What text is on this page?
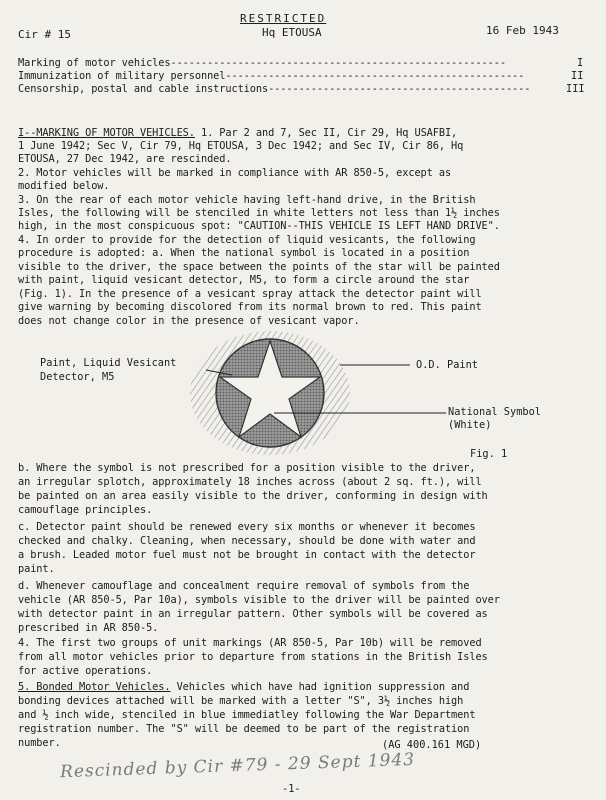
RESTRICTED
Cir # 15	Hq ETOUSA	16 Feb 1943
Marking of motor vehicles-------------------------------------------------------	I
Immunization of military personnel-------------------------------------------------	II
Censorship, postal and cable instructions-------------------------------------------	III
I--MARKING OF MOTOR VEHICLES. 1. Par 2 and 7, Sec II, Cir 29, Hq USAFBI,
1 June 1942; Sec V, Cir 79, Hq ETOUSA, 3 Dec 1942; and Sec IV, Cir 86, Hq
ETOUSA, 27 Dec 1942, are rescinded.
2. Motor vehicles will be marked in compliance with AR 850-5, except as
modified below.
3. On the rear of each motor vehicle having left-hand drive, in the British
Isles, the following will be stenciled in white letters not less than 1½ inches
high, in the most conspicuous spot: "CAUTION--THIS VEHICLE IS LEFT HAND DRIVE".
4. In order to provide for the detection of liquid vesicants, the following
procedure is adopted: a. When the national symbol is located in a position
visible to the driver, the space between the points of the star will be painted
with paint, liquid vesicant detector, M5, to form a circle around the star
(Fig. 1). In the presence of a vesicant spray attack the detector paint will
give warning by becoming discolored from its normal brown to red. This paint
does not change color in the presence of vesicant vapor.
Paint, Liquid Vesicant
Detector, M5
O.D. Paint
National Symbol
(White)
Fig. 1
b. Where the symbol is not prescribed for a position visible to the driver,
an irregular splotch, approximately 18 inches across (about 2 sq. ft.), will
be painted on an area easily visible to the driver, conforming in design with
camouflage principles.
c. Detector paint should be renewed every six months or whenever it becomes
checked and chalky. Cleaning, when necessary, should be done with water and
a brush. Leaded motor fuel must not be brought in contact with the detector
paint.
d. Whenever camouflage and concealment require removal of symbols from the
vehicle (AR 850-5, Par 10a), symbols visible to the driver will be painted over
with detector paint in an irregular pattern. Other symbols will be covered as
prescribed in AR 850-5.
4. The first two groups of unit markings (AR 850-5, Par 10b) will be removed
from all motor vehicles prior to departure from stations in the British Isles
for active operations.
5. Bonded Motor Vehicles. Vehicles which have had ignition suppression and
bonding devices attached will be marked with a letter "S", 3½ inches high
and ½ inch wide, stenciled in blue immediatley following the War Department
registration number. The "S" will be deemed to be part of the registration
number.	(AG 400.161 MGD)
Rescinded by Cir #79 - 29 Sept 1943
-1-
